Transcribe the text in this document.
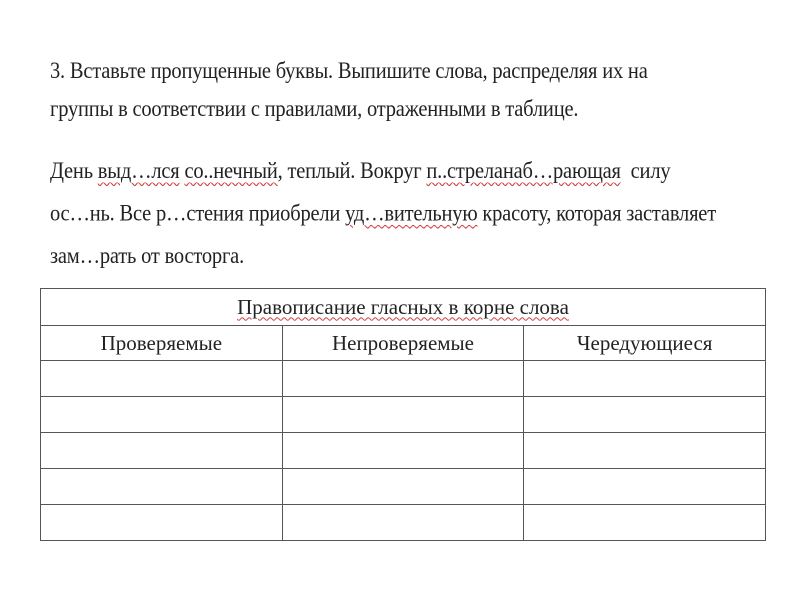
3. Вставьте пропущенные буквы. Выпишите слова, распределяя их на
группы в соответствии с правилами, отраженными в таблице.
День выд…лся со..нечный, теплый. Вокруг п..стреланаб…рающая  силу
ос…нь. Все р…стения приобрели уд…вительную красоту, которая заставляет
зам…рать от восторга.
Правописание гласных в корне слова		
Проверяемые	Непроверяемые	Чередующиеся
